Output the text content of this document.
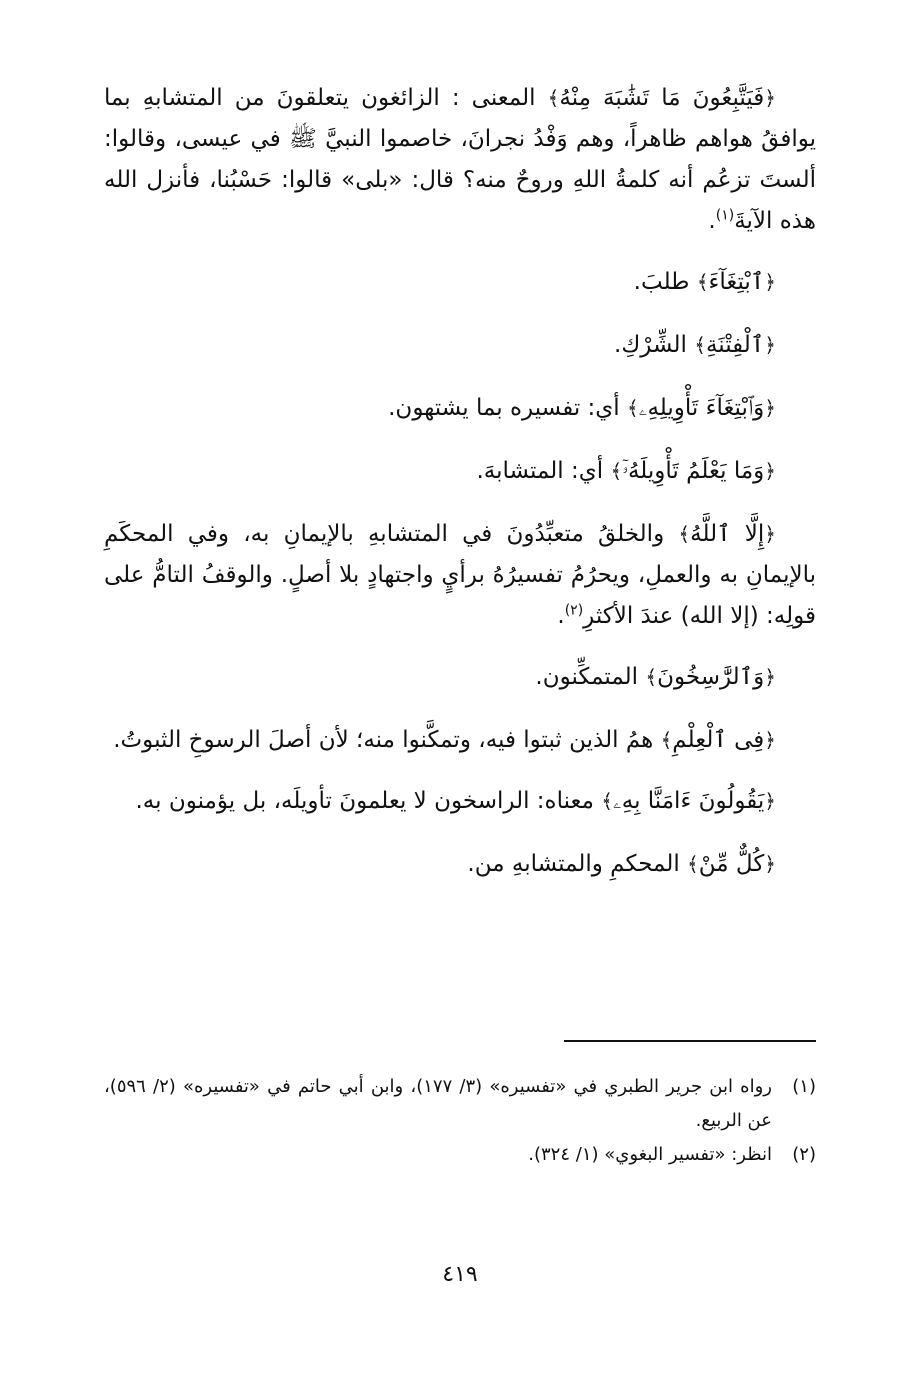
﴿فَيَتَّبِعُونَ مَا تَشَٰبَهَ مِنْهُ﴾ المعنى : الزائغون يتعلقونَ من المتشابهِ بما يوافقُ هواهم ظاهراً، وهم وَفْدُ نجرانَ، خاصموا النبيَّ ﷺ في عيسى، وقالوا: ألستَ تزعُم أنه كلمةُ اللهِ وروحٌ منه؟ قال: «بلى» قالوا: حَسْبُنا، فأنزل الله هذه الآيةَ$^{(١)}$.

﴿ٱبْتِغَآءَ﴾ طلبَ.

﴿ٱلْفِتْنَةِ﴾ الشِّرْكِ.

﴿وَٱبْتِغَآءَ تَأْوِيلِهِۦ﴾ أي: تفسيره بما يشتهون.

﴿وَمَا يَعْلَمُ تَأْوِيلَهُۥٓ﴾ أي: المتشابهَ.

﴿إِلَّا ٱللَّهُ﴾ والخلقُ متعبِّدُونَ في المتشابهِ بالإيمانِ به، وفي المحكَمِ بالإيمانِ به والعملِ، ويحرُمُ تفسيرُهُ برأيٍ واجتهادٍ بلا أصلٍ. والوقفُ التامُّ على قولِه: (إلا الله) عندَ الأكثرِ$^{(٢)}$.

﴿وَٱلرَّٰسِخُونَ﴾ المتمكِّنون.

﴿فِى ٱلْعِلْمِ﴾ همُ الذين ثبتوا فيه، وتمكَّنوا منه؛ لأن أصلَ الرسوخِ الثبوتُ.

﴿يَقُولُونَ ءَامَنَّا بِهِۦ﴾ معناه: الراسخون لا يعلمونَ تأويلَه، بل يؤمنون به.

﴿كُلٌّ مِّنْ﴾ المحكمِ والمتشابهِ من.

(١)
رواه ابن جرير الطبري في «تفسيره» (٣/ ١٧٧)، وابن أبي حاتم في «تفسيره» (٢/ ٥٩٦)، عن الربيع.
(٢)
انظر: «تفسير البغوي» (١/ ٣٢٤).
٤١٩
